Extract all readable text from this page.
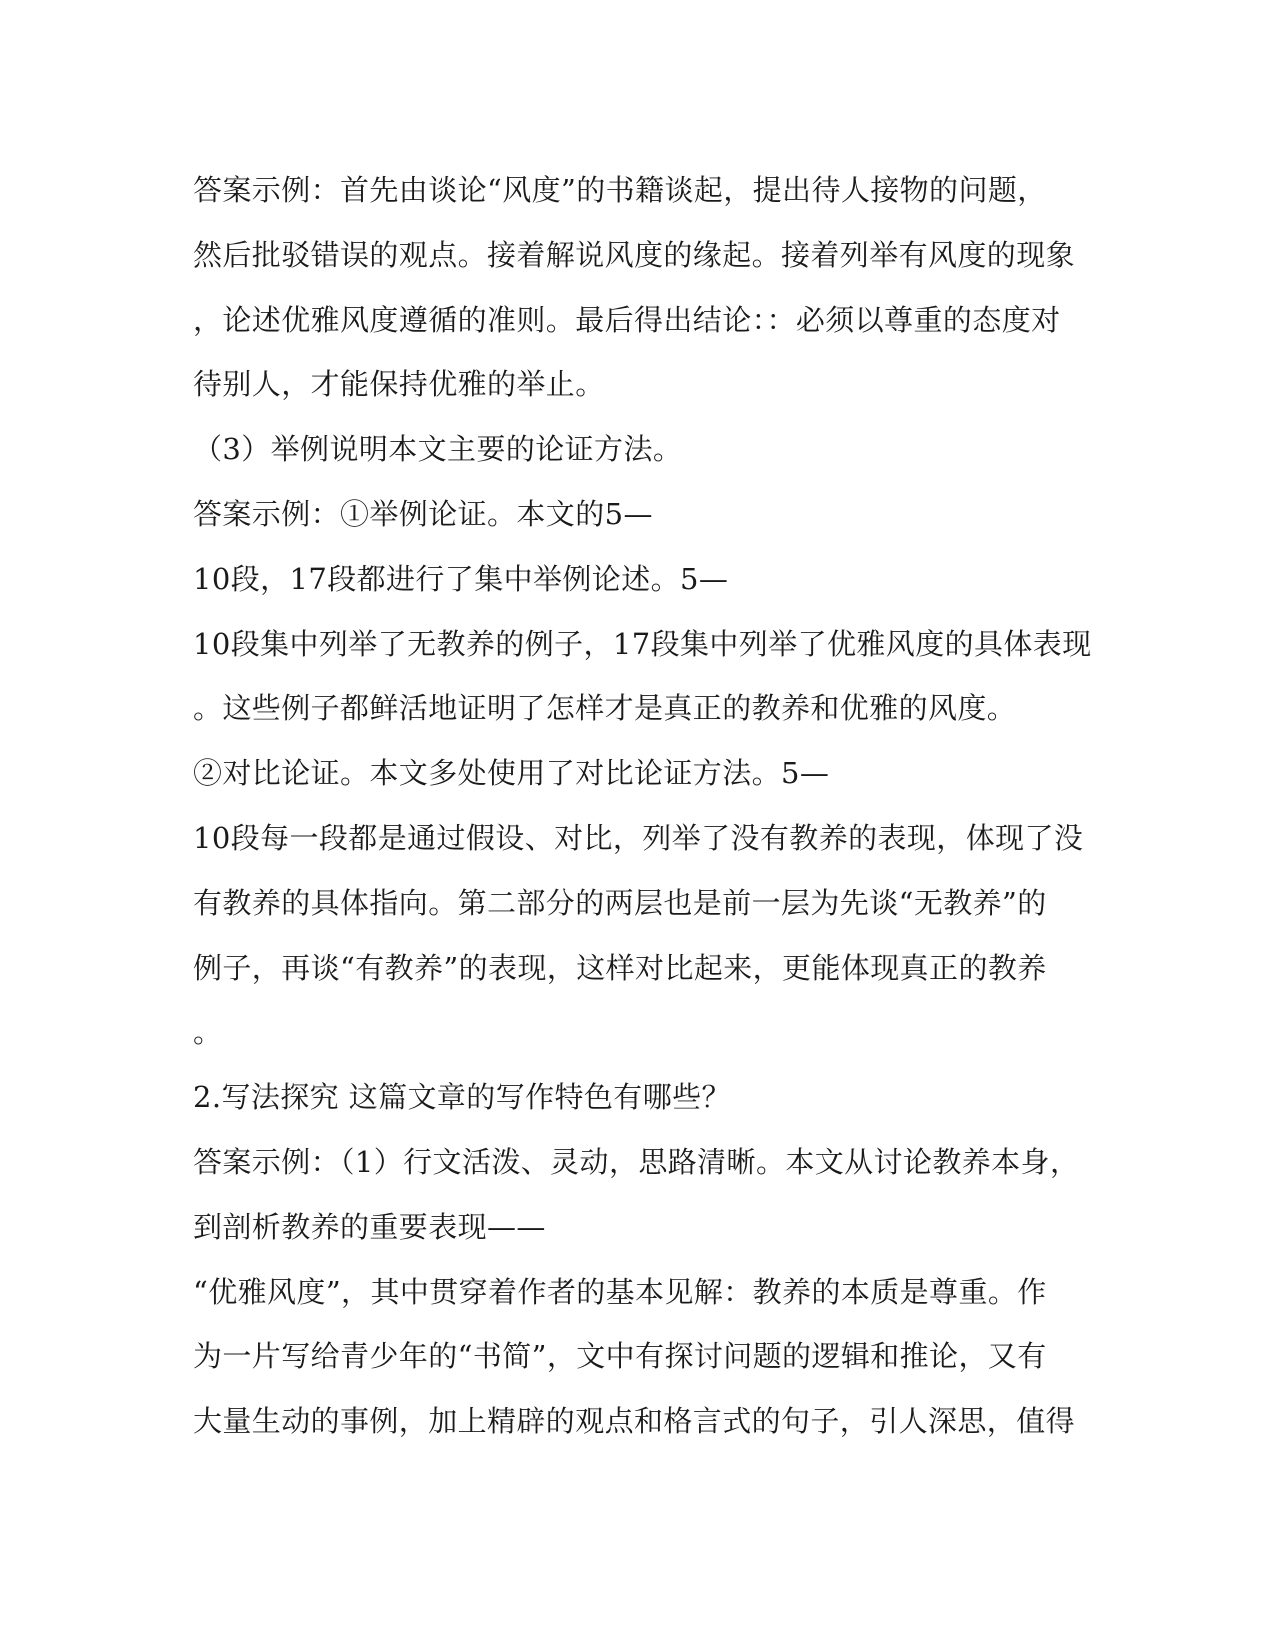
答案示例：首先由谈论“风度”的书籍谈起，提出待人接物的问题，
然后批驳错误的观点。接着解说风度的缘起。接着列举有风度的现象
，论述优雅风度遵循的准则。最后得出结论：：必须以尊重的态度对
待别人，才能保持优雅的举止。
（3）举例说明本文主要的论证方法。
答案示例：①举例论证。本文的5—
10段，17段都进行了集中举例论述。5—
10段集中列举了无教养的例子，17段集中列举了优雅风度的具体表现
。这些例子都鲜活地证明了怎样才是真正的教养和优雅的风度。
②对比论证。本文多处使用了对比论证方法。5—
10段每一段都是通过假设、对比，列举了没有教养的表现，体现了没
有教养的具体指向。第二部分的两层也是前一层为先谈“无教养”的
例子，再谈“有教养”的表现，这样对比起来，更能体现真正的教养
。
2.写法探究 这篇文章的写作特色有哪些？
答案示例：（1）行文活泼、灵动，思路清晰。本文从讨论教养本身，
到剖析教养的重要表现——
“优雅风度”，其中贯穿着作者的基本见解：教养的本质是尊重。作
为一片写给青少年的“书简”，文中有探讨问题的逻辑和推论，又有
大量生动的事例，加上精辟的观点和格言式的句子，引人深思，值得
